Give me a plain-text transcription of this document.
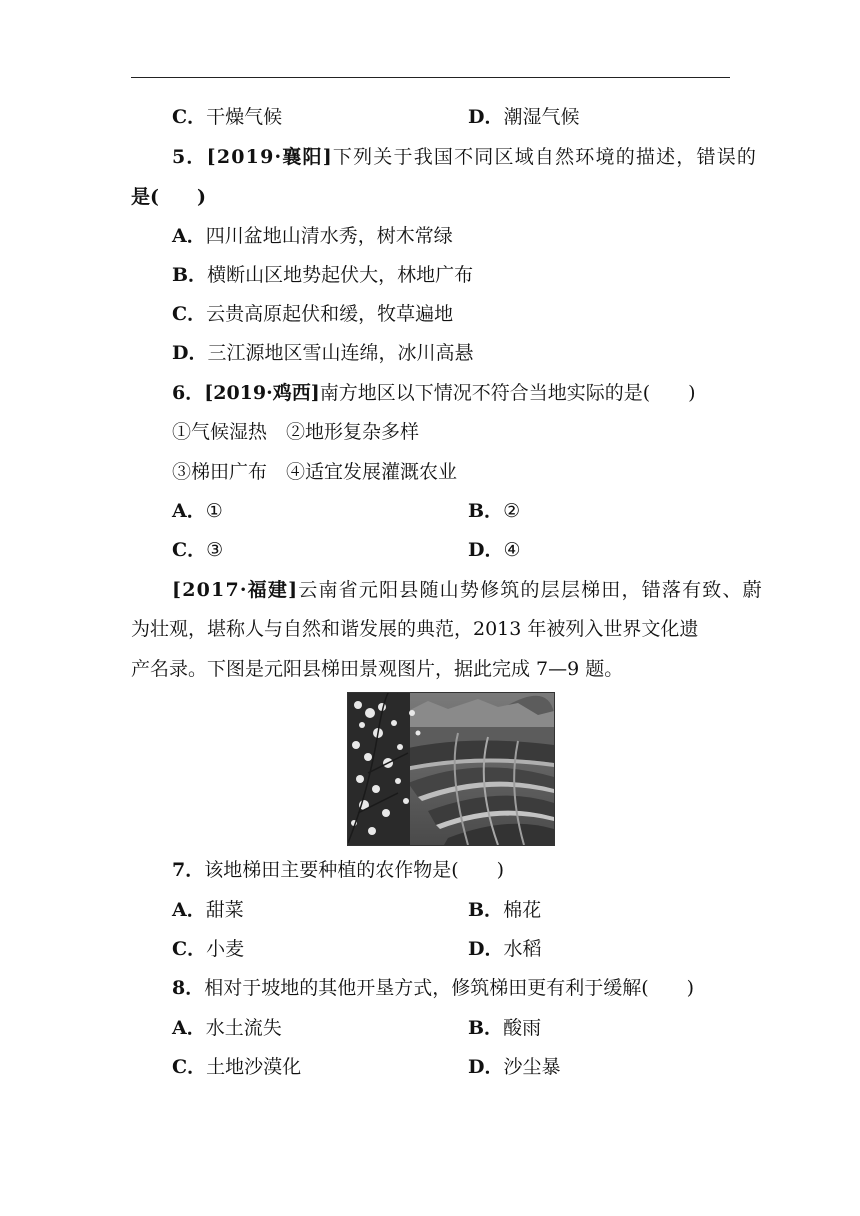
C．干燥气候	D．潮湿气候
5．[2019·襄阳]下列关于我国不同区域自然环境的描述，错误的
是(　　)
A．四川盆地山清水秀，树木常绿
B．横断山区地势起伏大，林地广布
C．云贵高原起伏和缓，牧草遍地
D．三江源地区雪山连绵，冰川高悬
6．[2019·鸡西]南方地区以下情况不符合当地实际的是(　　)
①气候湿热　②地形复杂多样
③梯田广布　④适宜发展灌溉农业
A．①	B．②
C．③	D．④
[2017·福建]云南省元阳县随山势修筑的层层梯田，错落有致、蔚
为壮观，堪称人与自然和谐发展的典范，2013 年被列入世界文化遗
产名录。下图是元阳县梯田景观图片，据此完成 7—9 题。
7．该地梯田主要种植的农作物是(　　)
A．甜菜	B．棉花
C．小麦	D．水稻
8．相对于坡地的其他开垦方式，修筑梯田更有利于缓解(　　)
A．水土流失	B．酸雨
C．土地沙漠化	D．沙尘暴
